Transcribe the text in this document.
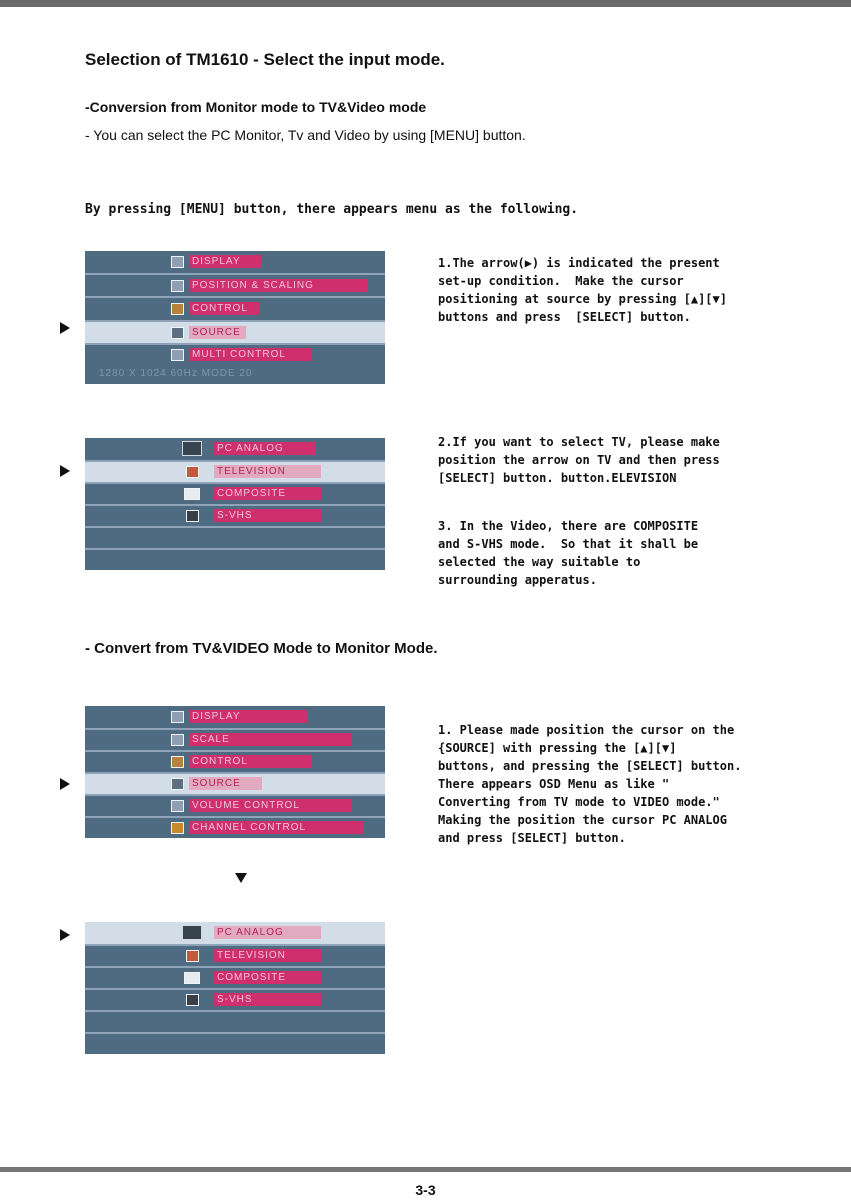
Selection of TM1610 - Select the input mode.
-Conversion from Monitor mode to TV&Video mode
- You can select the PC Monitor, Tv and Video by using [MENU] button.
By pressing [MENU] button, there appears menu as the following.
DISPLAY
POSITION & SCALING
CONTROL
SOURCE
MULTI CONTROL
1280 X 1024 60Hz MODE 20
1.The arrow(▶) is indicated the present
set-up condition.  Make the cursor
positioning at source by pressing [▲][▼]
buttons and press  [SELECT] button.
PC ANALOG
TELEVISION
COMPOSITE
S-VHS
2.If you want to select TV, please make
position the arrow on TV and then press
[SELECT] button. button.ELEVISION
3. In the Video, there are COMPOSITE
and S-VHS mode.  So that it shall be
selected the way suitable to
surrounding apperatus.
- Convert from TV&VIDEO Mode to Monitor Mode.
DISPLAY
SCALE
CONTROL
SOURCE
VOLUME CONTROL
CHANNEL CONTROL
1. Please made position the cursor on the
{SOURCE] with pressing the [▲][▼]
buttons, and pressing the [SELECT] button.
There appears OSD Menu as like "
Converting from TV mode to VIDEO mode."
Making the position the cursor PC ANALOG
and press [SELECT] button.
PC ANALOG
TELEVISION
COMPOSITE
S-VHS
3-3
